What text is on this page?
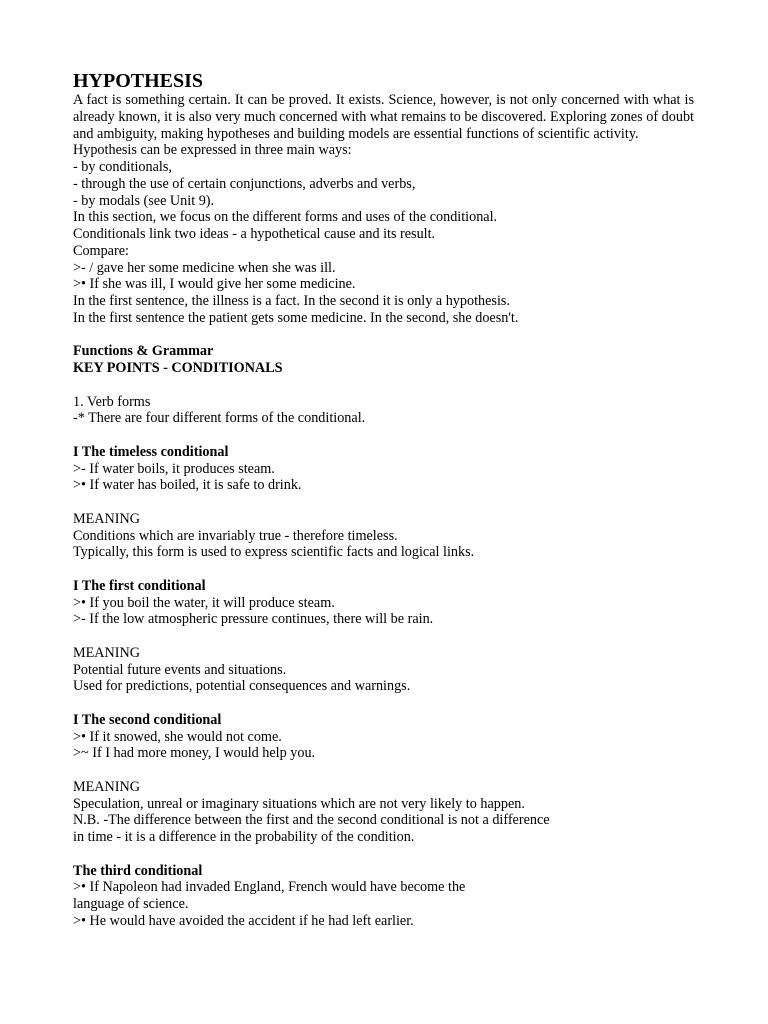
HYPOTHESIS

A fact is something certain. It can be proved. It exists. Science, however, is not only concerned with what is already known, it is also very much concerned with what remains to be discovered. Exploring zones of doubt and ambiguity, making hypotheses and building models are essential functions of scientific activity.

Hypothesis can be expressed in three main ways:

- by conditionals,

- through the use of certain conjunctions, adverbs and verbs,

- by modals (see Unit 9).

In this section, we focus on the different forms and uses of the conditional.

Conditionals link two ideas - a hypothetical cause and its result.

Compare:

>- / gave her some medicine when she was ill.

>• If she was ill, I would give her some medicine.

In the first sentence, the illness is a fact. In the second it is only a hypothesis.

In the first sentence the patient gets some medicine. In the second, she doesn't.

Functions & Grammar

KEY POINTS - CONDITIONALS

1. Verb forms

-* There are four different forms of the conditional.

I The timeless conditional

>- If water boils, it produces steam.

>• If water has boiled, it is safe to drink.

MEANING

Conditions which are invariably true - therefore timeless.

Typically, this form is used to express scientific facts and logical links.

I The first conditional

>• If you boil the water, it will produce steam.

>- If the low atmospheric pressure continues, there will be rain.

MEANING

Potential future events and situations.

Used for predictions, potential consequences and warnings.

I The second conditional

>• If it snowed, she would not come.

>~ If I had more money, I would help you.

MEANING

Speculation, unreal or imaginary situations which are not very likely to happen.

N.B. -The difference between the first and the second conditional is not a difference

in time - it is a difference in the probability of the condition.

The third conditional

>• If Napoleon had invaded England, French would have become the

language of science.

>• He would have avoided the accident if he had left earlier.
